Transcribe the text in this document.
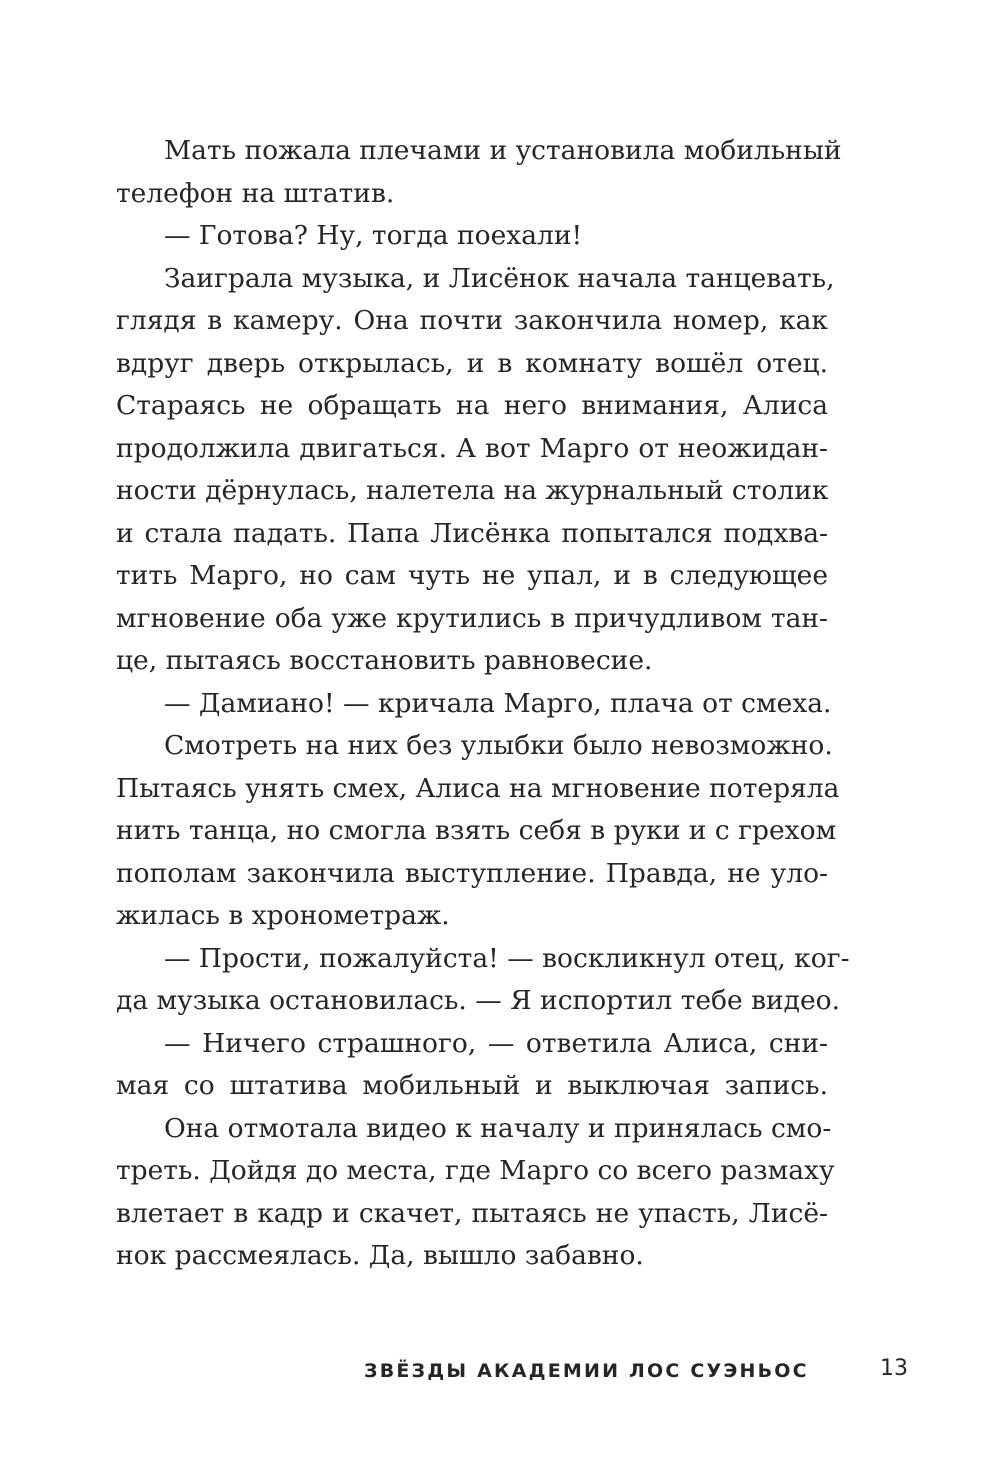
Мать пожала плечами и установила мобильный
телефон на штатив.
— Готова? Ну, тогда поехали!
Заиграла музыка, и Лисёнок начала танцевать,
глядя в камеру. Она почти закончила номер, как
вдруг дверь открылась, и в комнату вошёл отец.
Стараясь не обращать на него внимания, Алиса
продолжила двигаться. А вот Марго от неожидан-
ности дёрнулась, налетела на журнальный столик
и стала падать. Папа Лисёнка попытался подхва-
тить Марго, но сам чуть не упал, и в следующее
мгновение оба уже крутились в причудливом тан-
це, пытаясь восстановить равновесие.
— Дамиано! — кричала Марго, плача от смеха.
Смотреть на них без улыбки было невозможно.
Пытаясь унять смех, Алиса на мгновение потеряла
нить танца, но смогла взять себя в руки и с грехом
пополам закончила выступление. Правда, не уло-
жилась в хронометраж.
— Прости, пожалуйста! — воскликнул отец, ког-
да музыка остановилась. — Я испортил тебе видео.
— Ничего страшного, — ответила Алиса, сни-
мая со штатива мобильный и выключая запись.
Она отмотала видео к началу и принялась смо-
треть. Дойдя до места, где Марго со всего размаху
влетает в кадр и скачет, пытаясь не упасть, Лисё-
нок рассмеялась. Да, вышло забавно.
ЗВЁЗДЫ АКАДЕМИИ ЛОС СУЭНЬОС	13
